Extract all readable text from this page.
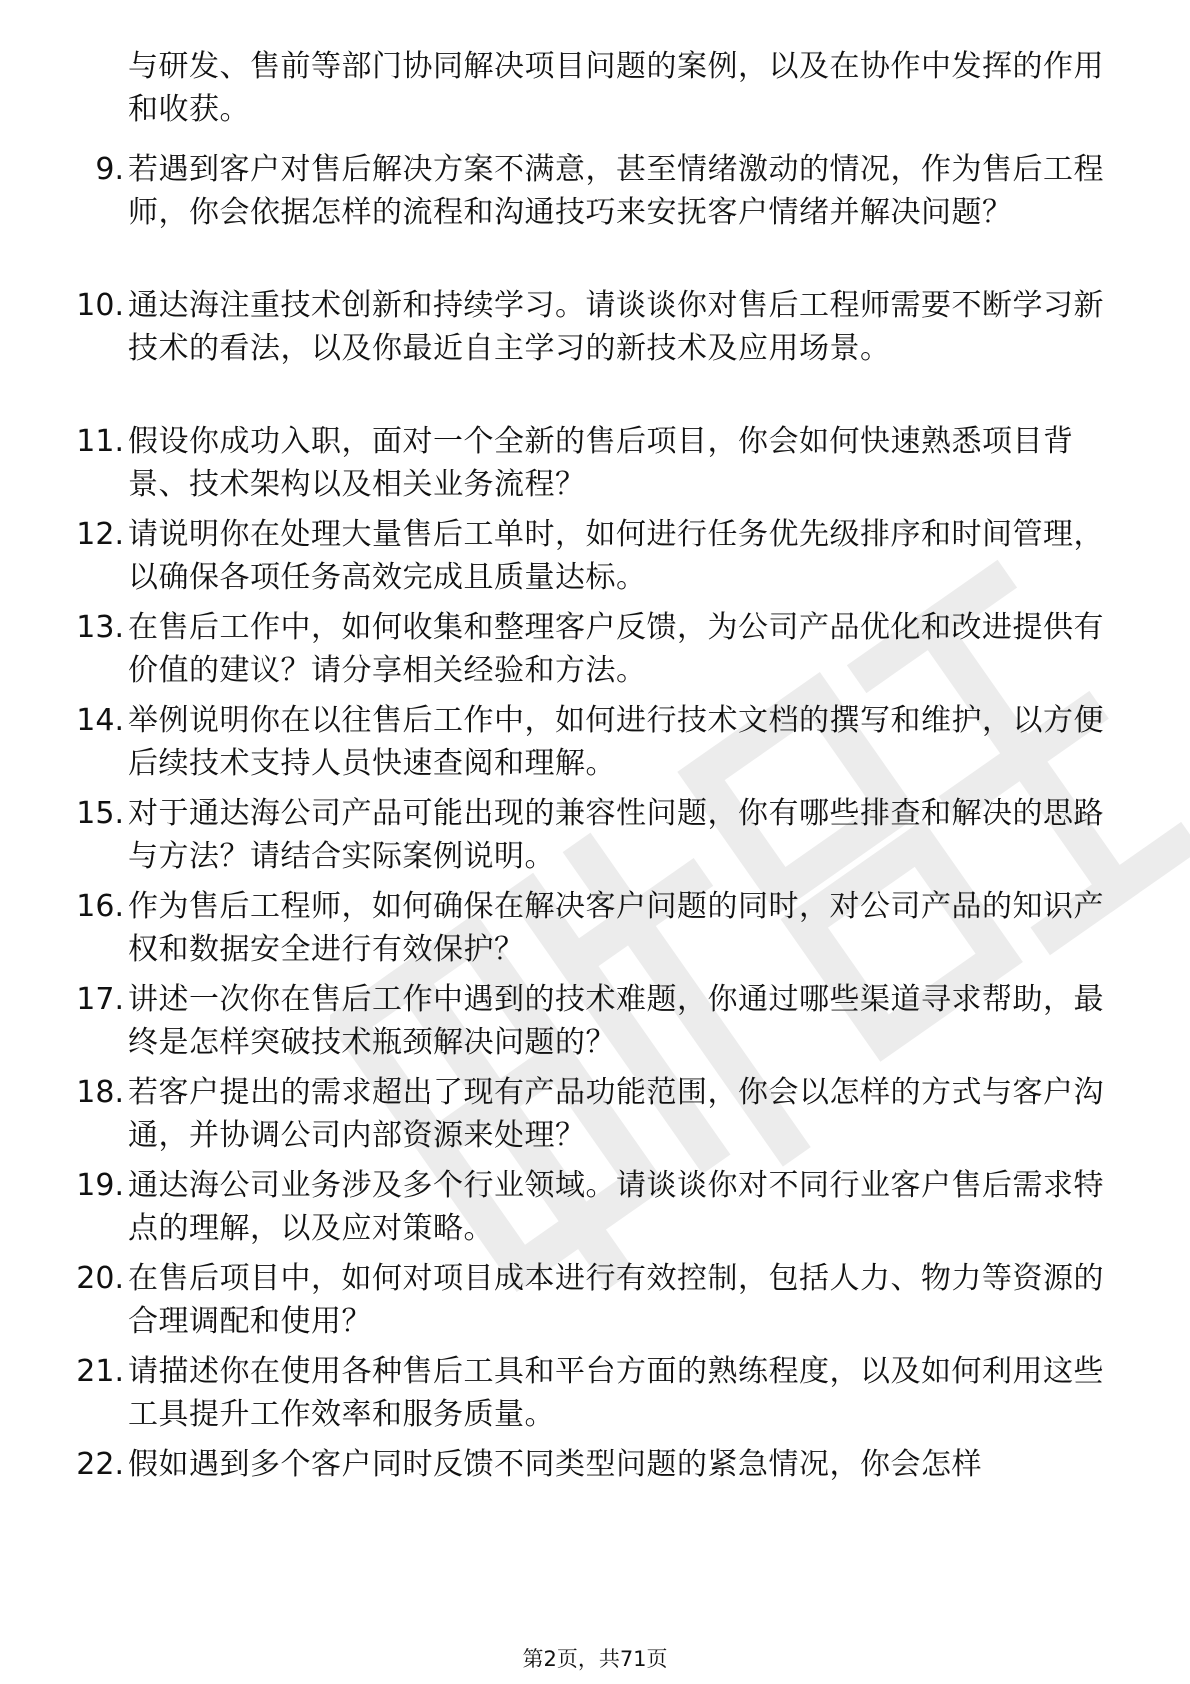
与研发、售前等部门协同解决项目问题的案例，以及在协作中发挥的作用和收获。
9. 若遇到客户对售后解决方案不满意，甚至情绪激动的情况，作为售后工程师，你会依据怎样的流程和沟通技巧来安抚客户情绪并解决问题？
10. 通达海注重技术创新和持续学习。请谈谈你对售后工程师需要不断学习新技术的看法，以及你最近自主学习的新技术及应用场景。
11. 假设你成功入职，面对一个全新的售后项目，你会如何快速熟悉项目背景、技术架构以及相关业务流程？
12. 请说明你在处理大量售后工单时，如何进行任务优先级排序和时间管理，以确保各项任务高效完成且质量达标。
13. 在售后工作中，如何收集和整理客户反馈，为公司产品优化和改进提供有价值的建议？请分享相关经验和方法。
14. 举例说明你在以往售后工作中，如何进行技术文档的撰写和维护，以方便后续技术支持人员快速查阅和理解。
15. 对于通达海公司产品可能出现的兼容性问题，你有哪些排查和解决的思路与方法？请结合实际案例说明。
16. 作为售后工程师，如何确保在解决客户问题的同时，对公司产品的知识产权和数据安全进行有效保护？
17. 讲述一次你在售后工作中遇到的技术难题，你通过哪些渠道寻求帮助，最终是怎样突破技术瓶颈解决问题的？
18. 若客户提出的需求超出了现有产品功能范围，你会以怎样的方式与客户沟通，并协调公司内部资源来处理？
19. 通达海公司业务涉及多个行业领域。请谈谈你对不同行业客户售后需求特点的理解，以及应对策略。
20. 在售后项目中，如何对项目成本进行有效控制，包括人力、物力等资源的合理调配和使用？
21. 请描述你在使用各种售后工具和平台方面的熟练程度，以及如何利用这些工具提升工作效率和服务质量。
22. 假如遇到多个客户同时反馈不同类型问题的紧急情况，你会怎样
第2页，共71页
